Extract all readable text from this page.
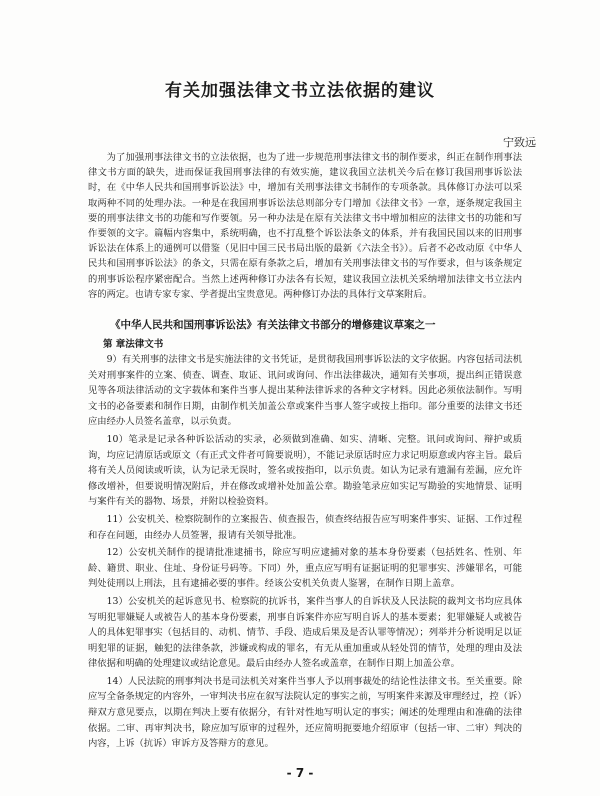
有关加强法律文书立法依据的建议
宁致远

为了加强刑事法律文书的立法依据，也为了进一步规范刑事法律文书的制作要求，纠正在制作刑事法律文书方面的缺失，进而保证我国刑事法律的有效实施，建议我国立法机关今后在修订我国刑事诉讼法时，在《中华人民共和国刑事诉讼法》中，增加有关刑事法律文书制作的专项条款。具体修订办法可以采取两种不同的处理办法。一种是在我国刑事诉讼法总则部分专门增加《法律文书》一章，逐条规定我国主要的刑事法律文书的功能和写作要领。另一种办法是在原有关法律文书中增加相应的法律文书的功能和写作要领的文字。篇幅内容集中，系统明确，也不打乱整个诉讼法条文的体系，并有我国民国以来的旧刑事诉讼法在体系上的通例可以借鉴（见旧中国三民书局出版的最新《六法全书》）。后者不必改动原《中华人民共和国刑事诉讼法》的条文，只需在原有条款之后，增加有关刑事法律文书的写作要求，但与该条规定的刑事诉讼程序紧密配合。当然上述两种修订办法各有长短，建议我国立法机关采纳增加法律文书立法内容的两定。也请专家专家、学者提出宝贵意见。两种修订办法的具体行文草案附后。

《中华人民共和国刑事诉讼法》有关法律文书部分的增修建议草案之一
第 章法律文书

9）有关刑事的法律文书是实施法律的文书凭证，是贯彻我国刑事诉讼法的文字依据。内容包括司法机关对刑事案件的立案、侦查、调查、取证、讯问或询问、作出法律裁决，通知有关事项，提出纠正错误意见等各项法律活动的文字载体和案件当事人提出某种法律诉求的各种文字材料。因此必须依法制作。写明文书的必备要素和制作日期，由制作机关加盖公章或案件当事人签字或按上指印。部分重要的法律文书还应由经办人员签名盖章，以示负责。

10）笔录是记录各种诉讼活动的实录，必须做到准确、如实、清晰、完整。讯问或询问、辩护或质询，均应记清原话或原文（有正式文件者可简要说明），不能记录原话时应力求记明原意或内容主旨。最后将有关人员阅读或听读，认为记录无误时，签名或按指印，以示负责。如认为记录有遗漏有差漏，应允许修改增补，但要说明情况附后，并在修改或增补处加盖公章。勘验笔录应如实记写勘验的实地情景、证明与案件有关的器物、场景，并附以检验资料。

11）公安机关、检察院制作的立案报告、侦查报告，侦查终结报告应写明案件事实、证据、工作过程和存在问题，由经办人员签署，报请有关领导批准。

12）公安机关制作的提请批准逮捕书，除应写明应逮捕对象的基本身份要素（包括姓名、性别、年龄、籍贯、职业、住址、身份证号码等。下同）外，重点应写明有证据证明的犯罪事实、涉嫌罪名，可能判处徒刑以上刑法，且有逮捕必要的事件。经该公安机关负责人鉴署，在制作日期上盖章。

13）公安机关的起诉意见书、检察院的抗诉书，案件当事人的自诉状及人民法院的裁判文书均应具体写明犯罪嫌疑人或被告人的基本身份要素，刑事自诉案件亦应写明自诉人的基本要素；犯罪嫌疑人或被告人的具体犯罪事实（包括目的、动机、情节、手段、造成后果及是否认罪等情况）；列举并分析说明足以证明犯罪的证据，触犯的法律条款，涉嫌或构成的罪名，有无从重加重或从轻处罚的情节，处理的理由及法律依据和明确的处理建议或结论意见。最后由经办人签名或盖章，在制作日期上加盖公章。

14）人民法院的刑事判决书是司法机关对案件当事人予以刑事裁处的结论性法律文书。至关重要。除应写全备条规定的内容外，一审判决书应在叙写法院认定的事实之前，写明案件来源及审理经过，控（诉）辩双方意见要点，以期在判决上要有依据分，有针对性地写明认定的事实；阐述的处理理由和准确的法律依据。二审、再审判决书，除应加写原审的过程外，还应简明扼要地介绍原审（包括一审、二审）判决的内容，上诉（抗诉）审诉方及答辩方的意见。

- 7 -
